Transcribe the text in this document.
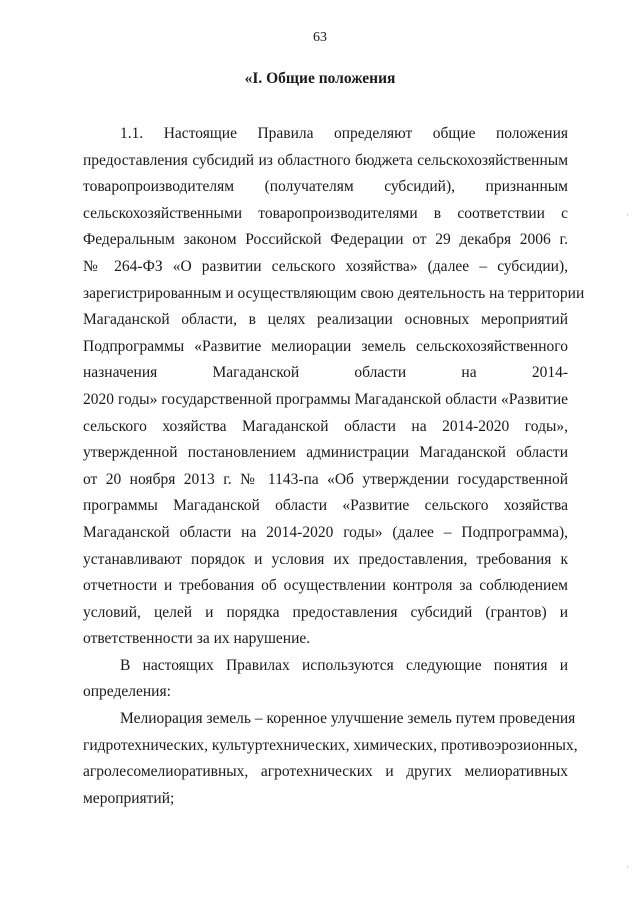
63
«I. Общие положения
1.1. Настоящие Правила определяют общие положения
предоставления субсидий из областного бюджета сельскохозяйственным
товаропроизводителям (получателям субсидий), признанным
сельскохозяйственными товаропроизводителями в соответствии с
Федеральным законом Российской Федерации от 29 декабря 2006 г.
№ 264-ФЗ «О развитии сельского хозяйства» (далее – субсидии),
зарегистрированным и осуществляющим свою деятельность на территории
Магаданской области, в целях реализации основных мероприятий
Подпрограммы «Развитие мелиорации земель сельскохозяйственного
назначения Магаданской области на 2014-
2020 годы» государственной программы Магаданской области «Развитие
сельского хозяйства Магаданской области на 2014-2020 годы»,
утвержденной постановлением администрации Магаданской области
от 20 ноября 2013 г. № 1143-па «Об утверждении государственной
программы Магаданской области «Развитие сельского хозяйства
Магаданской области на 2014-2020 годы» (далее – Подпрограмма),
устанавливают порядок и условия их предоставления, требования к
отчетности и требования об осуществлении контроля за соблюдением
условий, целей и порядка предоставления субсидий (грантов) и
ответственности за их нарушение.
В настоящих Правилах используются следующие понятия и
определения:
Мелиорация земель – коренное улучшение земель путем проведения
гидротехнических, культуртехнических, химических, противоэрозионных,
агролесомелиоративных, агротехнических и других мелиоративных
мероприятий;
·
·
